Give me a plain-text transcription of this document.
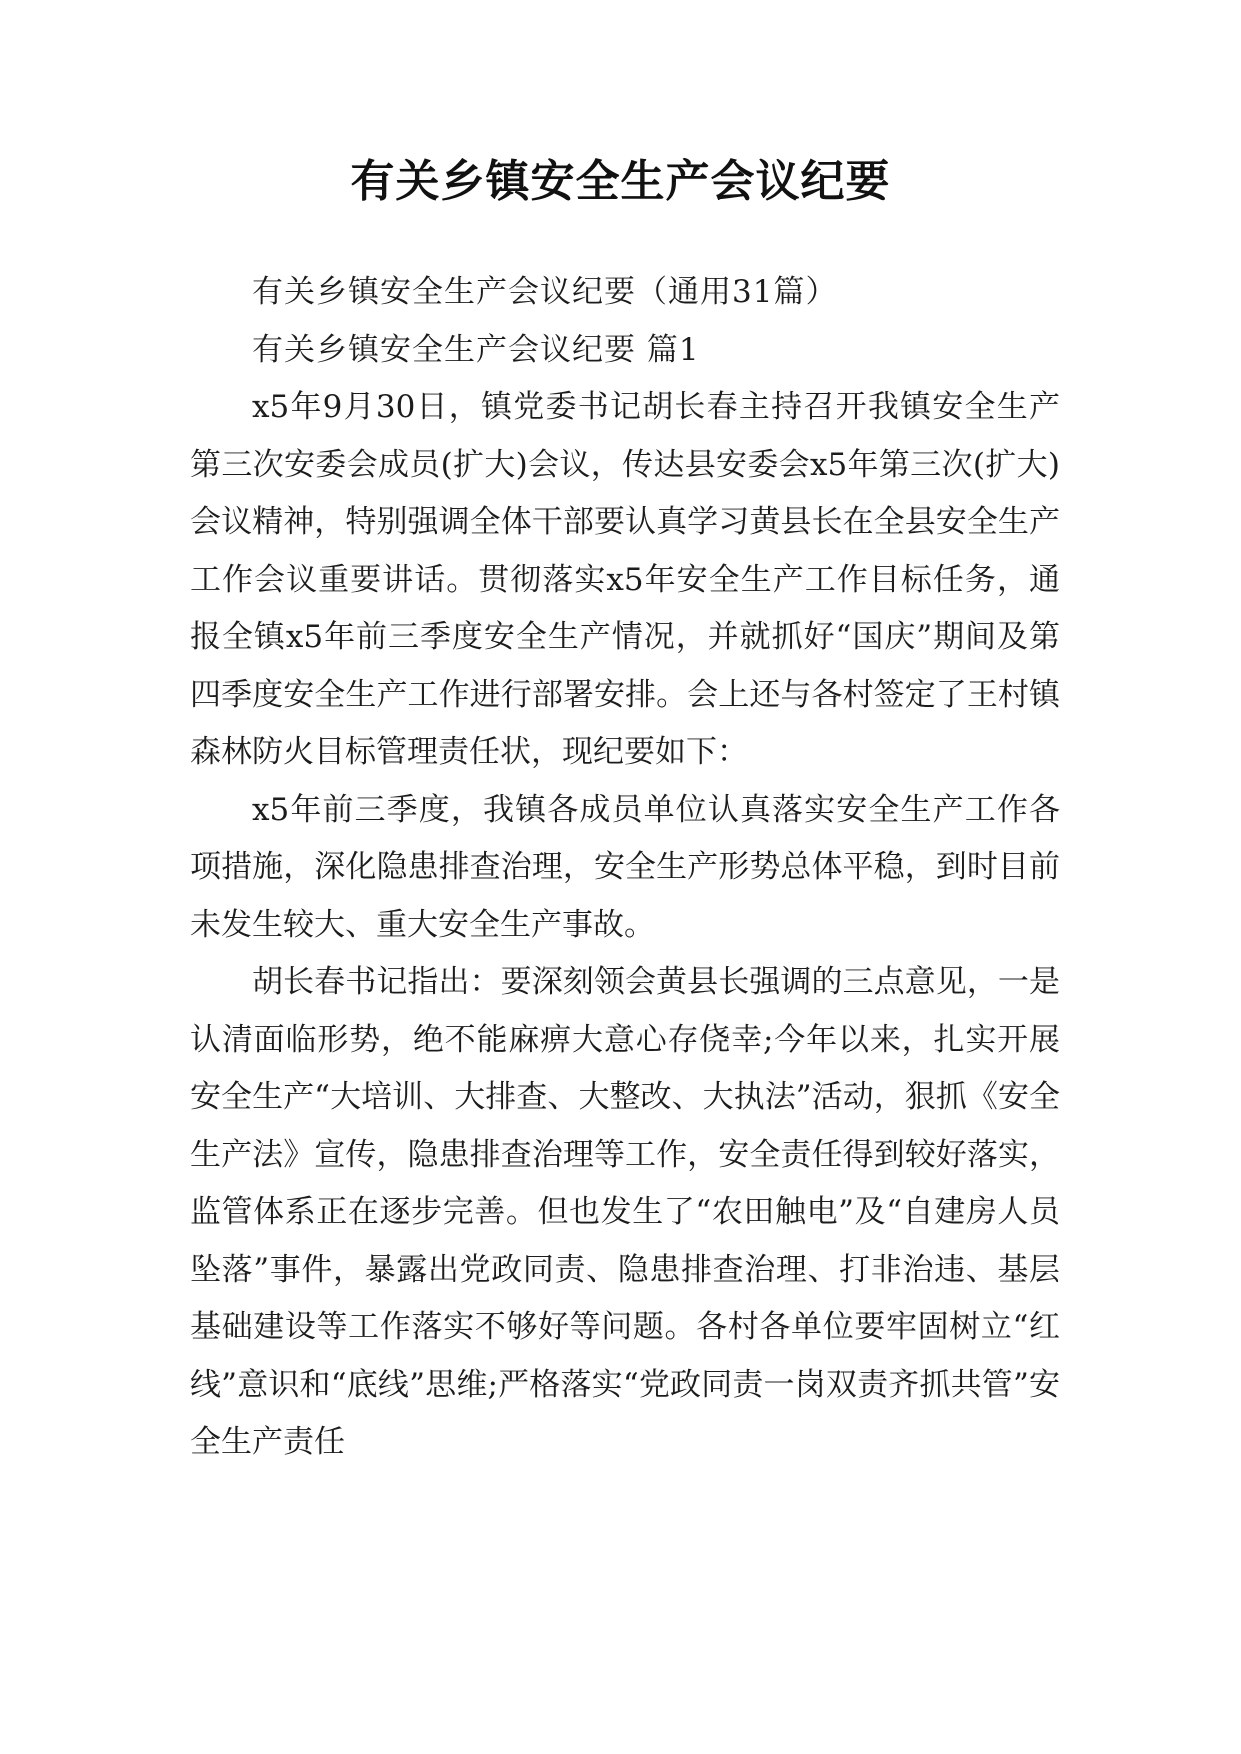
有关乡镇安全生产会议纪要

有关乡镇安全生产会议纪要（通用31篇）

有关乡镇安全生产会议纪要 篇1

x5年9月30日，镇党委书记胡长春主持召开我镇安全生产第三次安委会成员(扩大)会议，传达县安委会x5年第三次(扩大)会议精神，特别强调全体干部要认真学习黄县长在全县安全生产工作会议重要讲话。贯彻落实x5年安全生产工作目标任务，通报全镇x5年前三季度安全生产情况，并就抓好“国庆”期间及第四季度安全生产工作进行部署安排。会上还与各村签定了王村镇森林防火目标管理责任状，现纪要如下：

x5年前三季度，我镇各成员单位认真落实安全生产工作各项措施，深化隐患排查治理，安全生产形势总体平稳，到时目前未发生较大、重大安全生产事故。

胡长春书记指出：要深刻领会黄县长强调的三点意见，一是认清面临形势，绝不能麻痹大意心存侥幸;今年以来，扎实开展安全生产“大培训、大排查、大整改、大执法”活动，狠抓《安全生产法》宣传，隐患排查治理等工作，安全责任得到较好落实，监管体系正在逐步完善。但也发生了“农田触电”及“自建房人员坠落”事件，暴露出党政同责、隐患排查治理、打非治违、基层基础建设等工作落实不够好等问题。各村各单位要牢固树立“红线”意识和“底线”思维;严格落实“党政同责一岗双责齐抓共管”安全生产责任
